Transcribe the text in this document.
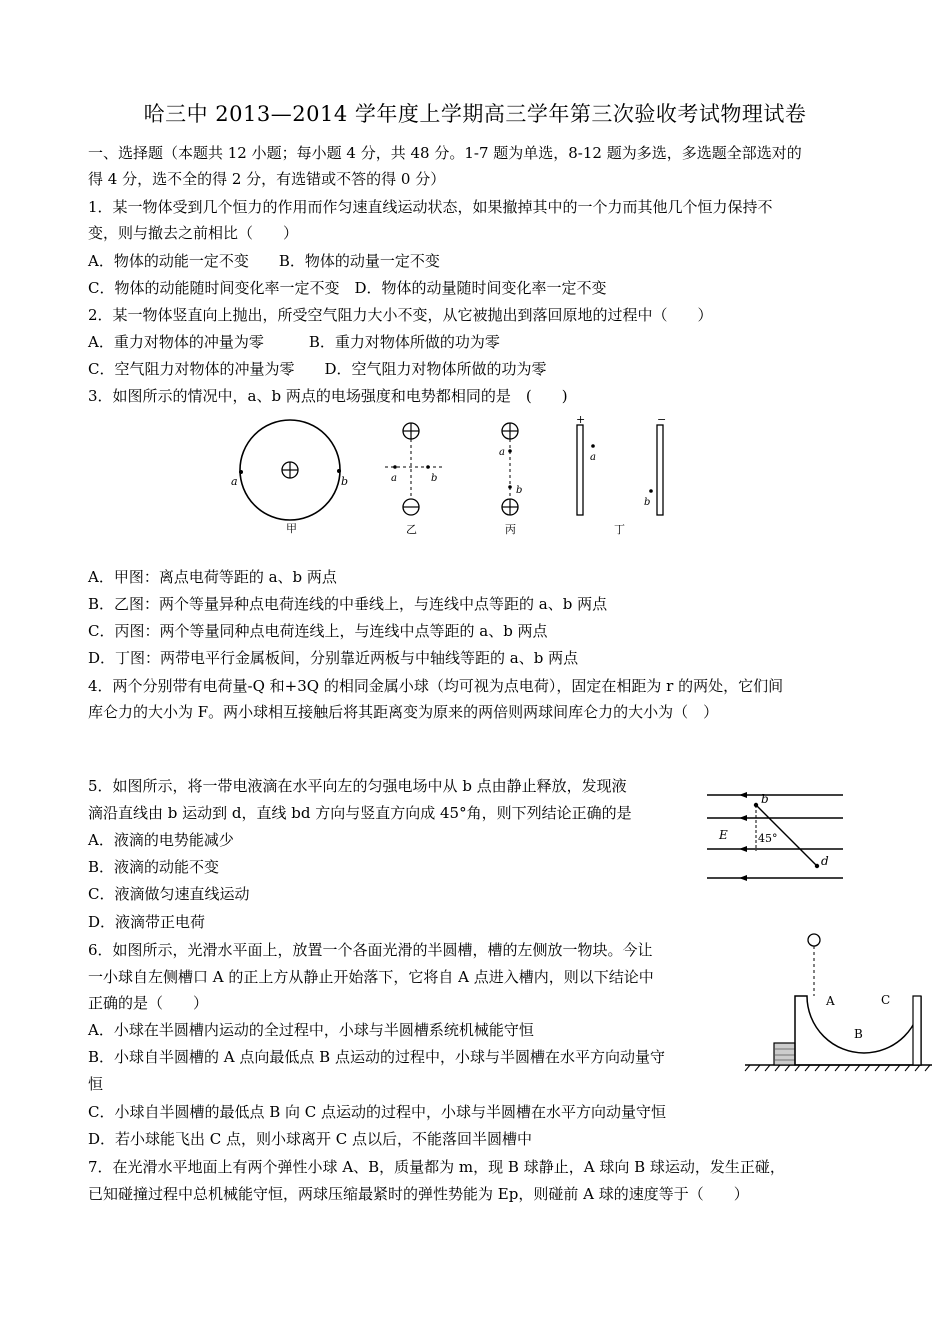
哈三中 2013—2014 学年度上学期高三学年第三次验收考试物理试卷
一、选择题（本题共 12 小题；每小题 4 分，共 48 分。1-7 题为单选，8-12 题为多选，多选题全部选对的
得 4 分，选不全的得 2 分，有选错或不答的得 0 分）
1．某一物体受到几个恒力的作用而作匀速直线运动状态，如果撤掉其中的一个力而其他几个恒力保持不
变，则与撤去之前相比（　　）
A．物体的动能一定不变　　B．物体的动量一定不变
C．物体的动能随时间变化率一定不变　D．物体的动量随时间变化率一定不变
2．某一物体竖直向上抛出，所受空气阻力大小不变，从它被抛出到落回原地的过程中（　　）
A．重力对物体的冲量为零　　　B．重力对物体所做的功为零
C．空气阻力对物体的冲量为零　　D．空气阻力对物体所做的功为零
3．如图所示的情况中，a、b 两点的电场强度和电势都相同的是　(　　)
a	b
甲
a	b
乙
a
b
丙
+	−
a
b
丁
A．甲图：离点电荷等距的 a、b 两点
B．乙图：两个等量异种点电荷连线的中垂线上，与连线中点等距的 a、b 两点
C．丙图：两个等量同种点电荷连线上，与连线中点等距的 a、b 两点
D．丁图：两带电平行金属板间，分别靠近两板与中轴线等距的 a、b 两点
4．两个分别带有电荷量-Q 和+3Q 的相同金属小球（均可视为点电荷），固定在相距为 r 的两处，它们间
库仑力的大小为 F。两小球相互接触后将其距离变为原来的两倍则两球间库仑力的大小为（　）
5．如图所示，将一带电液滴在水平向左的匀强电场中从 b 点由静止释放，发现液
滴沿直线由 b 运动到 d，直线 bd 方向与竖直方向成 45°角，则下列结论正确的是
A．液滴的电势能减少
B．液滴的动能不变
C．液滴做匀速直线运动
D．液滴带正电荷
E
b
d
45°
6．如图所示，光滑水平面上，放置一个各面光滑的半圆槽，槽的左侧放一物块。今让
一小球自左侧槽口 A 的正上方从静止开始落下，它将自 A 点进入槽内，则以下结论中
正确的是（　　）
A．小球在半圆槽内运动的全过程中，小球与半圆槽系统机械能守恒
B．小球自半圆槽的 A 点向最低点 B 点运动的过程中，小球与半圆槽在水平方向动量守
恒
C．小球自半圆槽的最低点 B 向 C 点运动的过程中，小球与半圆槽在水平方向动量守恒
D．若小球能飞出 C 点，则小球离开 C 点以后，不能落回半圆槽中
A
B
C
7．在光滑水平地面上有两个弹性小球 A、B，质量都为 m，现 B 球静止，A 球向 B 球运动，发生正碰，
已知碰撞过程中总机械能守恒，两球压缩最紧时的弹性势能为 Ep，则碰前 A 球的速度等于（　　）
